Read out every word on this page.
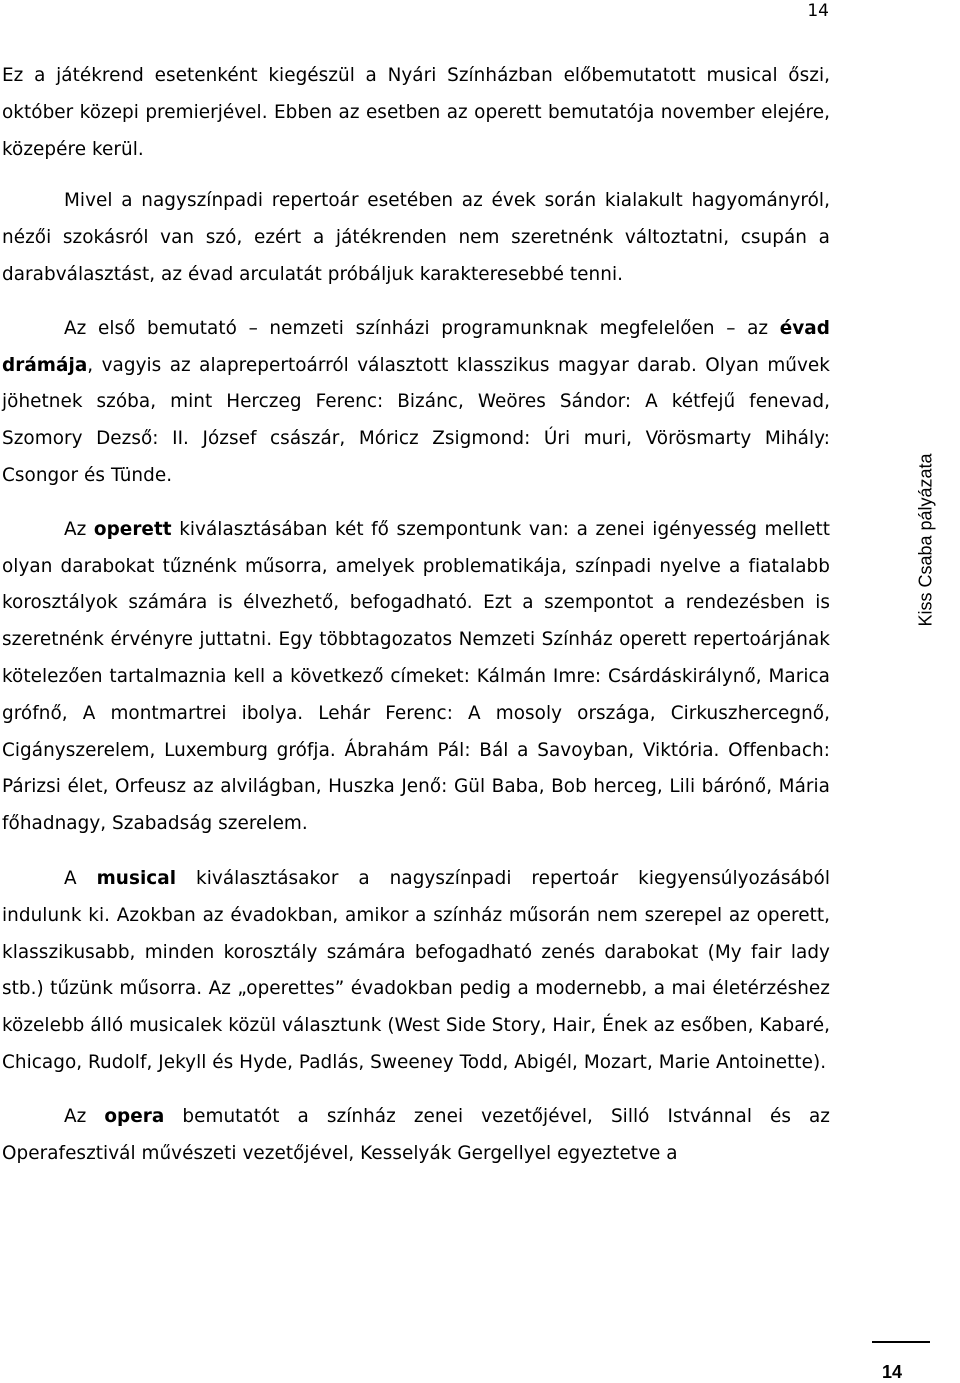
14

Ez a játékrend esetenként kiegészül a Nyári Színházban előbemutatott musical őszi, október közepi premierjével. Ebben az esetben az operett bemutatója november elejére, közepére kerül.

Mivel a nagyszínpadi repertoár esetében az évek során kialakult hagyományról, nézői szokásról van szó, ezért a játékrenden nem szeretnénk változtatni, csupán a darabválasztást, az évad arculatát próbáljuk karakteresebbé tenni.

Az első bemutató – nemzeti színházi programunknak megfelelően – az évad drámája, vagyis az alaprepertoárról választott klasszikus magyar darab. Olyan művek jöhetnek szóba, mint Herczeg Ferenc: Bizánc, Weöres Sándor: A kétfejű fenevad, Szomory Dezső: II. József császár, Móricz Zsigmond: Úri muri, Vörösmarty Mihály: Csongor és Tünde.

Az operett kiválasztásában két fő szempontunk van: a zenei igényesség mellett olyan darabokat tűznénk műsorra, amelyek problematikája, színpadi nyelve a fiatalabb korosztályok számára is élvezhető, befogadható. Ezt a szempontot a rendezésben is szeretnénk érvényre juttatni. Egy többtagozatos Nemzeti Színház operett repertoárjának kötelezően tartalmaznia kell a következő címeket: Kálmán Imre: Csárdáskirálynő, Marica grófnő, A montmartrei ibolya. Lehár Ferenc: A mosoly országa, Cirkuszhercegnő, Cigányszerelem, Luxemburg grófja. Ábrahám Pál: Bál a Savoyban, Viktória. Offenbach: Párizsi élet, Orfeusz az alvilágban, Huszka Jenő: Gül Baba, Bob herceg, Lili bárónő, Mária főhadnagy, Szabadság szerelem.

A musical kiválasztásakor a nagyszínpadi repertoár kiegyensúlyozásából indulunk ki. Azokban az évadokban, amikor a színház műsorán nem szerepel az operett, klasszikusabb, minden korosztály számára befogadható zenés darabokat (My fair lady stb.) tűzünk műsorra. Az „operettes” évadokban pedig a modernebb, a mai életérzéshez közelebb álló musicalek közül választunk (West Side Story, Hair, Ének az esőben, Kabaré, Chicago, Rudolf, Jekyll és Hyde, Padlás, Sweeney Todd, Abigél, Mozart, Marie Antoinette).

Az opera bemutatót a színház zenei vezetőjével, Silló Istvánnal és az Operafesztivál művészeti vezetőjével, Kesselyák Gergellyel egyeztetve a

Kiss Csaba pályázata
14
